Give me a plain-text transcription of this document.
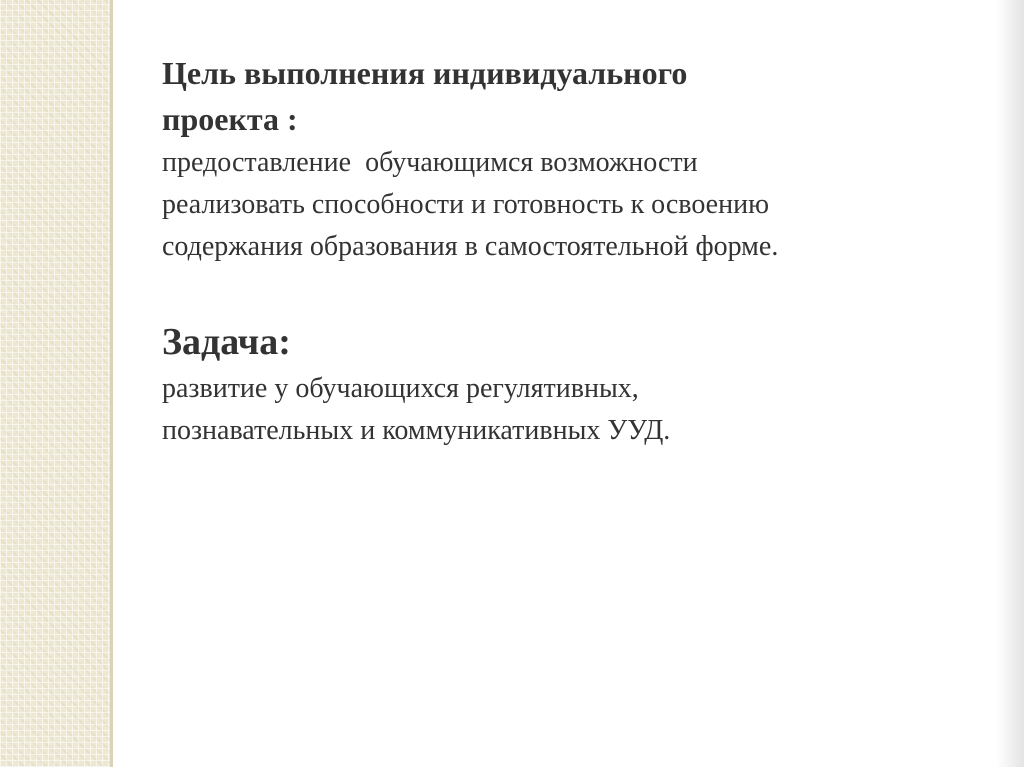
Цель выполнения индивидуального

проекта :

предоставление  обучающимся возможности

реализовать способности и готовность к освоению

содержания образования в самостоятельной форме.

Задача:

развитие у обучающихся регулятивных,

познавательных и коммуникативных УУД.
